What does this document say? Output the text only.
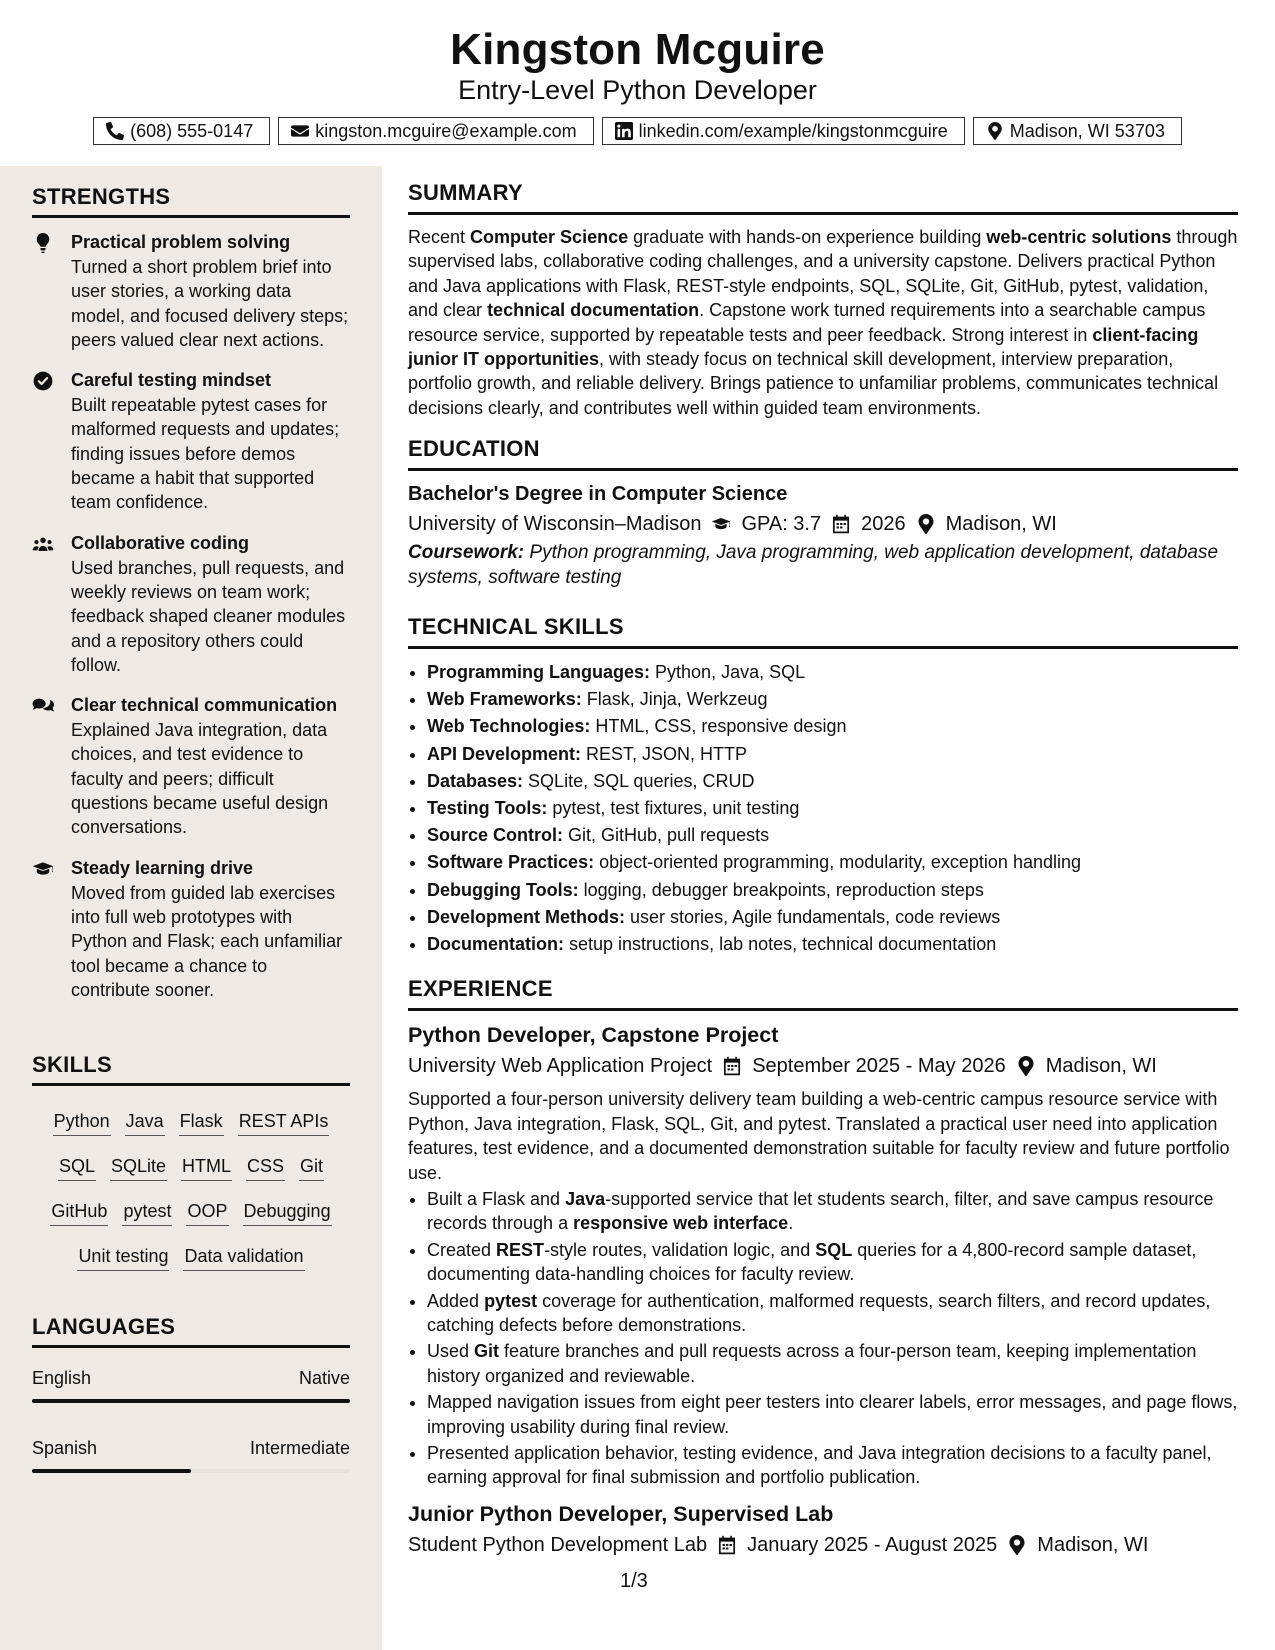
Kingston Mcguire
Entry-Level Python Developer
(608) 555-0147	kingston.mcguire@example.com	linkedin.com/example/kingstonmcguire	Madison, WI 53703
STRENGTHS
Practical problem solving
Turned a short problem brief into user stories, a working data model, and focused delivery steps; peers valued clear next actions.
Careful testing mindset
Built repeatable pytest cases for malformed requests and updates; finding issues before demos became a habit that supported team confidence.
Collaborative coding
Used branches, pull requests, and weekly reviews on team work; feedback shaped cleaner modules and a repository others could follow.
Clear technical communication
Explained Java integration, data choices, and test evidence to faculty and peers; difficult questions became useful design conversations.
Steady learning drive
Moved from guided lab exercises into full web prototypes with Python and Flask; each unfamiliar tool became a chance to contribute sooner.
SKILLS
Python Java Flask REST APIs
SQL SQLite HTML CSS Git
GitHub pytest OOP Debugging
Unit testing Data validation
LANGUAGES
English	Native
Spanish	Intermediate
SUMMARY
Recent Computer Science graduate with hands-on experience building web-centric solutions through supervised labs, collaborative coding challenges, and a university capstone. Delivers practical Python and Java applications with Flask, REST-style endpoints, SQL, SQLite, Git, GitHub, pytest, validation, and clear technical documentation. Capstone work turned requirements into a searchable campus resource service, supported by repeatable tests and peer feedback. Strong interest in client-facing junior IT opportunities, with steady focus on technical skill development, interview preparation, portfolio growth, and reliable delivery. Brings patience to unfamiliar problems, communicates technical decisions clearly, and contributes well within guided team environments.
EDUCATION
Bachelor's Degree in Computer Science
University of Wisconsin–Madison GPA: 3.7 2026 Madison, WI
Coursework: Python programming, Java programming, web application development, database systems, software testing
TECHNICAL SKILLS
• Programming Languages: Python, Java, SQL
• Web Frameworks: Flask, Jinja, Werkzeug
• Web Technologies: HTML, CSS, responsive design
• API Development: REST, JSON, HTTP
• Databases: SQLite, SQL queries, CRUD
• Testing Tools: pytest, test fixtures, unit testing
• Source Control: Git, GitHub, pull requests
• Software Practices: object-oriented programming, modularity, exception handling
• Debugging Tools: logging, debugger breakpoints, reproduction steps
• Development Methods: user stories, Agile fundamentals, code reviews
• Documentation: setup instructions, lab notes, technical documentation
EXPERIENCE
Python Developer, Capstone Project
University Web Application Project September 2025 - May 2026 Madison, WI
Supported a four-person university delivery team building a web-centric campus resource service with Python, Java integration, Flask, SQL, Git, and pytest. Translated a practical user need into application features, test evidence, and a documented demonstration suitable for faculty review and future portfolio use.
• Built a Flask and Java-supported service that let students search, filter, and save campus resource records through a responsive web interface.
• Created REST-style routes, validation logic, and SQL queries for a 4,800-record sample dataset, documenting data-handling choices for faculty review.
• Added pytest coverage for authentication, malformed requests, search filters, and record updates, catching defects before demonstrations.
• Used Git feature branches and pull requests across a four-person team, keeping implementation history organized and reviewable.
• Mapped navigation issues from eight peer testers into clearer labels, error messages, and page flows, improving usability during final review.
• Presented application behavior, testing evidence, and Java integration decisions to a faculty panel, earning approval for final submission and portfolio publication.
Junior Python Developer, Supervised Lab
Student Python Development Lab January 2025 - August 2025 Madison, WI
1/3
